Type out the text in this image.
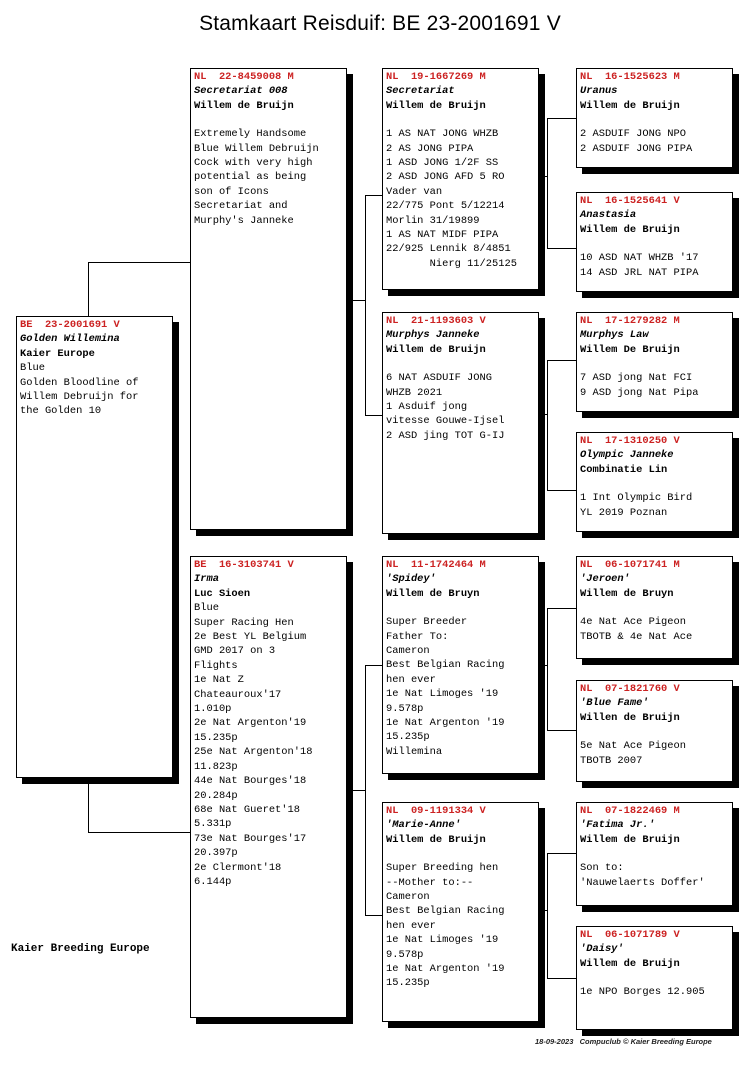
Stamkaart Reisduif: BE 23-2001691 V
BE  23-2001691 V
Golden Willemina
Kaier Europe
Blue
Golden Bloodline of
Willem Debruijn for
the Golden 10
NL  22-8459008 M
Secretariat 008
Willem de Bruijn
Extremely Handsome
Blue Willem Debruijn
Cock with very high
potential as being
son of Icons
Secretariat and
Murphy's Janneke
BE  16-3103741 V
Irma
Luc Sioen
Blue
Super Racing Hen
2e Best YL Belgium
GMD 2017 on 3
Flights
1e Nat Z
Chateauroux'17
1.010p
2e Nat Argenton'19
15.235p
25e Nat Argenton'18
11.823p
44e Nat Bourges'18
20.284p
68e Nat Gueret'18
5.331p
73e Nat Bourges'17
20.397p
2e Clermont'18
6.144p
NL  19-1667269 M
Secretariat
Willem de Bruijn
1 AS NAT JONG WHZB
2 AS JONG PIPA
1 ASD JONG 1/2F SS
2 ASD JONG AFD 5 RO
Vader van
22/775 Pont 5/12214
Morlin 31/19899
1 AS NAT MIDF PIPA
22/925 Lennik 8/4851
Nierg 11/25125
NL  21-1193603 V
Murphys Janneke
Willem de Bruijn
6 NAT ASDUIF JONG
WHZB 2021
1 Asduif jong
vitesse Gouwe-Ijsel
2 ASD jing TOT G-IJ
NL  11-1742464 M
'Spidey'
Willem de Bruyn
Super Breeder
Father To:
Cameron
Best Belgian Racing
hen ever
1e Nat Limoges '19
9.578p
1e Nat Argenton '19
15.235p
Willemina
NL  09-1191334 V
'Marie-Anne'
Willem de Bruijn
Super Breeding hen
--Mother to:--
Cameron
Best Belgian Racing
hen ever
1e Nat Limoges '19
9.578p
1e Nat Argenton '19
15.235p
NL  16-1525623 M
Uranus
Willem de Bruijn
2 ASDUIF JONG NPO
2 ASDUIF JONG PIPA
NL  16-1525641 V
Anastasia
Willem de Bruijn
10 ASD NAT WHZB '17
14 ASD JRL NAT PIPA
NL  17-1279282 M
Murphys Law
Willem De Bruijn
7 ASD jong Nat FCI
9 ASD jong Nat Pipa
NL  17-1310250 V
Olympic Janneke
Combinatie Lin
1 Int Olympic Bird
YL 2019 Poznan
NL  06-1071741 M
'Jeroen'
Willem de Bruyn
4e Nat Ace Pigeon
TBOTB & 4e Nat Ace
NL  07-1821760 V
'Blue Fame'
Willen de Bruijn
5e Nat Ace Pigeon
TBOTB 2007
NL  07-1822469 M
'Fatima Jr.'
Willem de Bruijn
Son to:
'Nauwelaerts Doffer'
NL  06-1071789 V
'Daisy'
Willem de Bruijn
1e NPO Borges 12.905
Kaier Breeding Europe
18-09-2023 Compuclub © Kaier Breeding Europe
